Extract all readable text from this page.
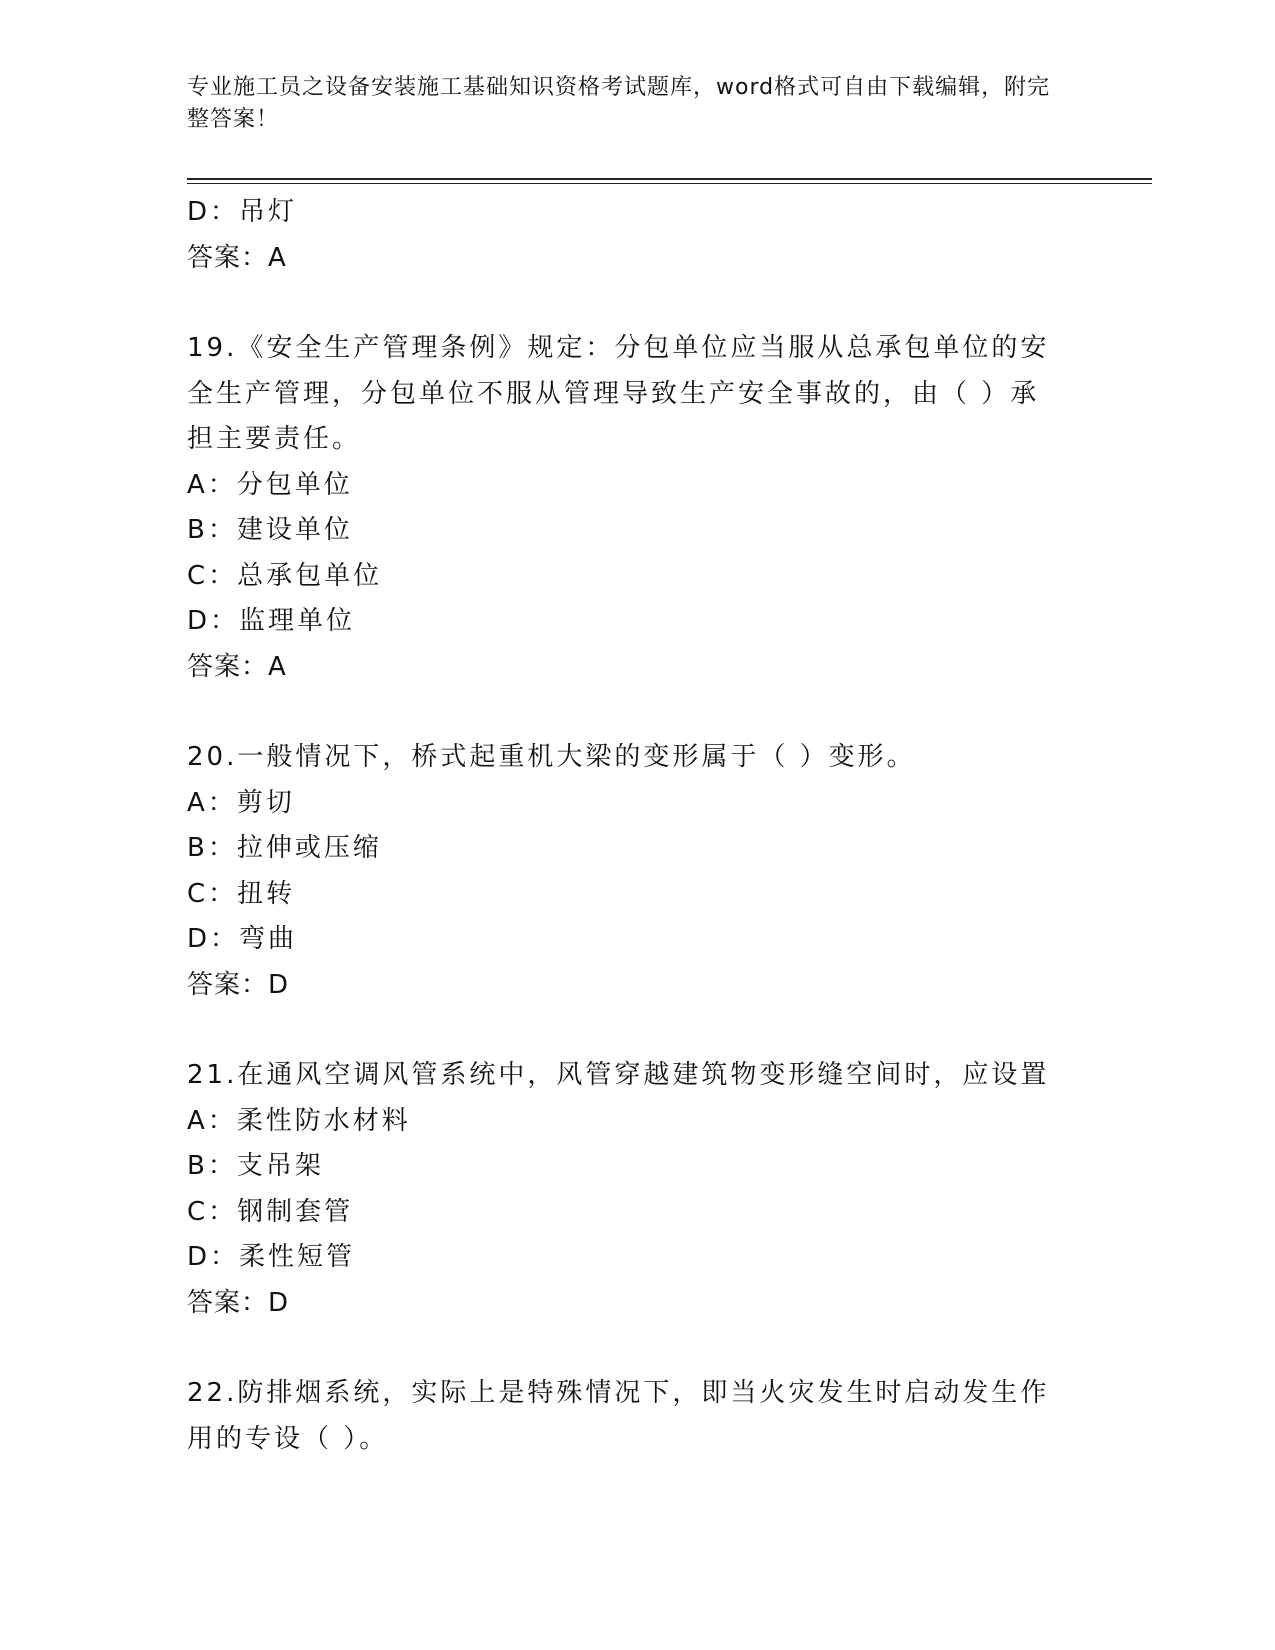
专业施工员之设备安装施工基础知识资格考试题库，word格式可自由下载编辑，附完整答案！
D：吊灯
答案：A
19.《安全生产管理条例》规定：分包单位应当服从总承包单位的安全生产管理，分包单位不服从管理导致生产安全事故的，由（ ）承担主要责任。
A：分包单位
B：建设单位
C：总承包单位
D：监理单位
答案：A
20.一般情况下，桥式起重机大梁的变形属于（ ）变形。
A：剪切
B：拉伸或压缩
C：扭转
D：弯曲
答案：D
21.在通风空调风管系统中，风管穿越建筑物变形缝空间时，应设置
A：柔性防水材料
B：支吊架
C：钢制套管
D：柔性短管
答案：D
22.防排烟系统，实际上是特殊情况下，即当火灾发生时启动发生作用的专设（ ）。
